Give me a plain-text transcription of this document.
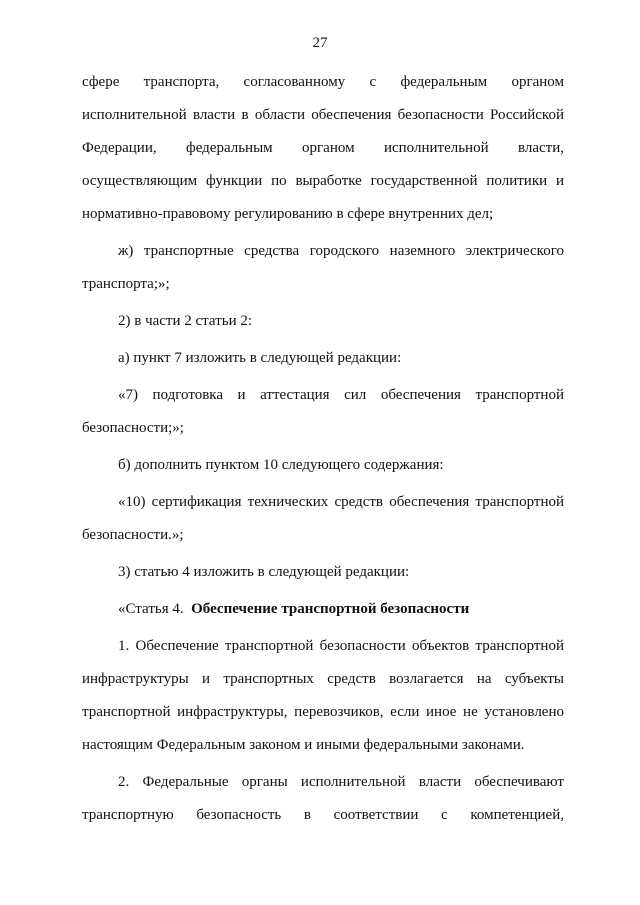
27

сфере транспорта, согласованному с федеральным органом исполнительной власти в области обеспечения безопасности Российской Федерации, федеральным органом исполнительной власти, осуществляющим функции по выработке государственной политики и нормативно-правовому регулированию в сфере внутренних дел;

ж) транспортные средства городского наземного электрического транспорта;»;

2) в части 2 статьи 2:

а) пункт 7 изложить в следующей редакции:

«7) подготовка и аттестация сил обеспечения транспортной безопасности;»;

б) дополнить пунктом 10 следующего содержания:

«10) сертификация технических средств обеспечения транспортной безопасности.»;

3) статью 4 изложить в следующей редакции:

«Статья 4. Обеспечение транспортной безопасности

1. Обеспечение транспортной безопасности объектов транспортной инфраструктуры и транспортных средств возлагается на субъекты транспортной инфраструктуры, перевозчиков, если иное не установлено настоящим Федеральным законом и иными федеральными законами.

2. Федеральные органы исполнительной власти обеспечивают транспортную безопасность в соответствии с компетенцией,
